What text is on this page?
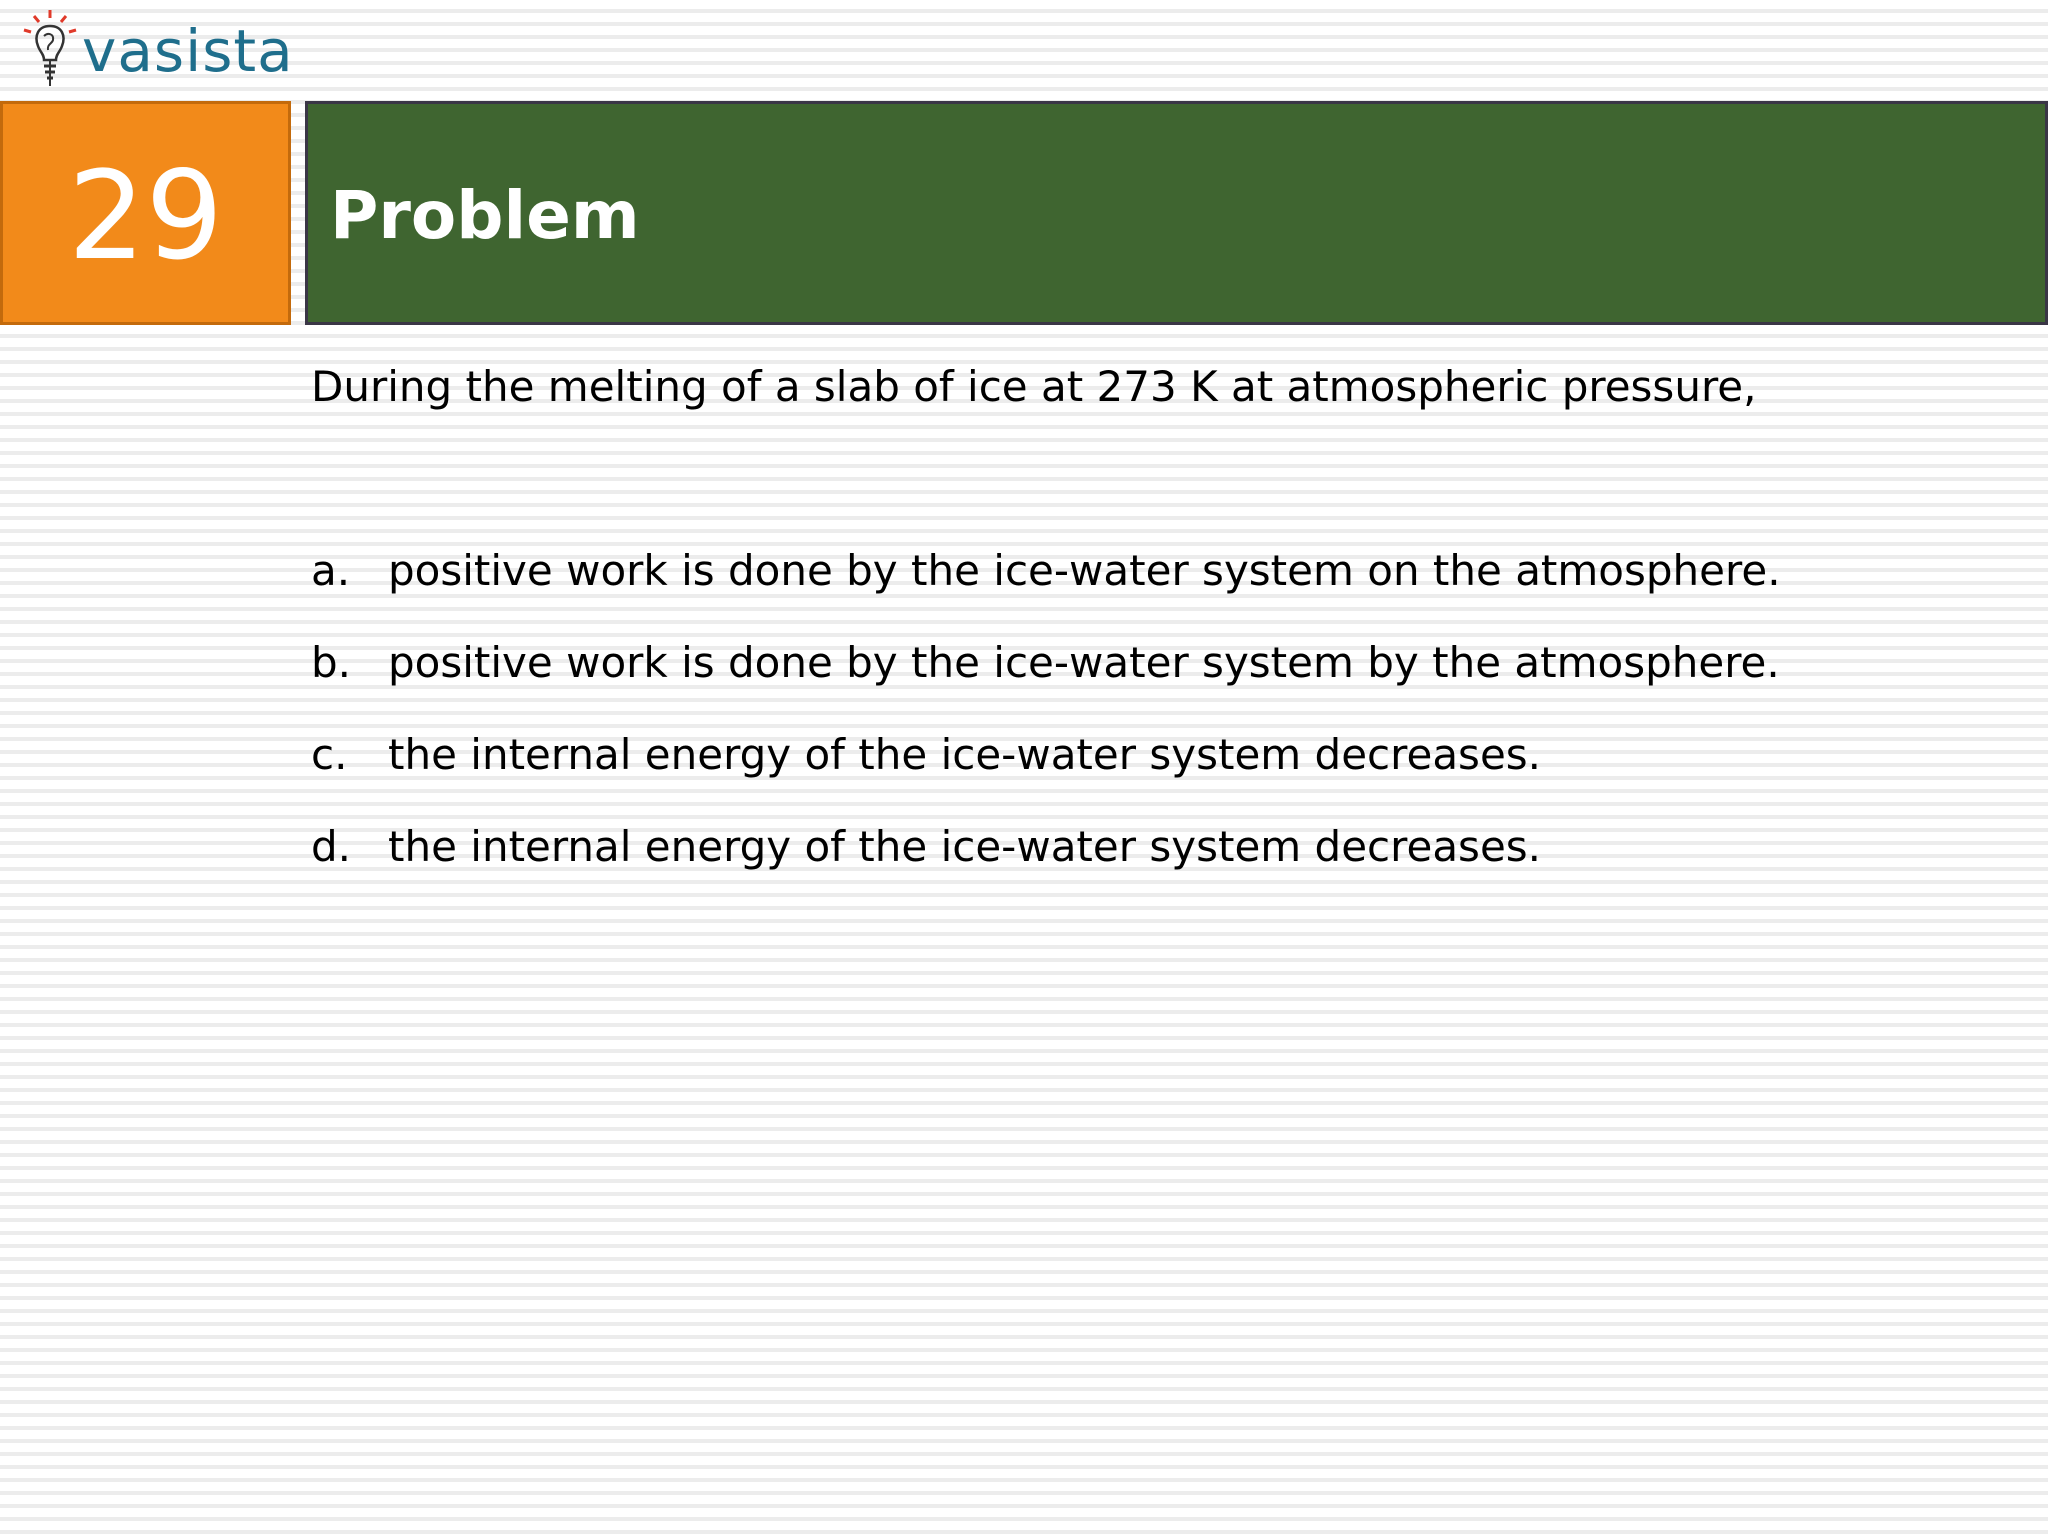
vasista
29 Problem
During the melting of a slab of ice at 273 K at atmospheric pressure,
a. positive work is done by the ice-water system on the atmosphere.
b. positive work is done by the ice-water system by the atmosphere.
c. the internal energy of the ice-water system decreases.
d. the internal energy of the ice-water system decreases.
